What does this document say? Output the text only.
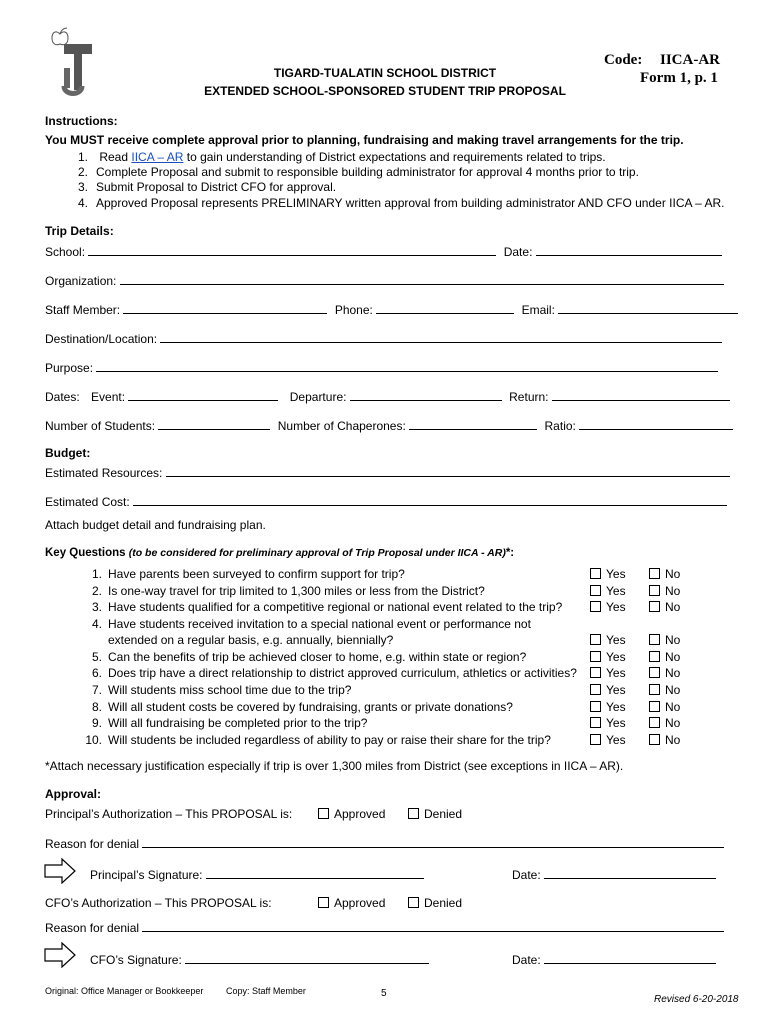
TIGARD-TUALATIN SCHOOL DISTRICT
EXTENDED SCHOOL-SPONSORED STUDENT TRIP PROPOSAL
Code: IICA-AR
Form 1, p. 1
Instructions:
You MUST receive complete approval prior to planning, fundraising and making travel arrangements for the trip.
1. Read IICA – AR to gain understanding of District expectations and requirements related to trips.
2. Complete Proposal and submit to responsible building administrator for approval 4 months prior to trip.
3. Submit Proposal to District CFO for approval.
4. Approved Proposal represents PRELIMINARY written approval from building administrator AND CFO under IICA – AR.
Trip Details:
School:	Date:
Organization:
Staff Member:	Phone:	Email:
Destination/Location:
Purpose:
Dates: Event:	Departure:	Return:
Number of Students:	Number of Chaperones:	Ratio:
Budget:
Estimated Resources:
Estimated Cost:
Attach budget detail and fundraising plan.
Key Questions (to be considered for preliminary approval of Trip Proposal under IICA - AR)*:
1. Have parents been surveyed to confirm support for trip?	Yes	No
2. Is one-way travel for trip limited to 1,300 miles or less from the District?	Yes	No
3. Have students qualified for a competitive regional or national event related to the trip?	Yes	No
4. Have students received invitation to a special national event or performance not
extended on a regular basis, e.g. annually, biennially?	Yes	No
5. Can the benefits of trip be achieved closer to home, e.g. within state or region?	Yes	No
6. Does trip have a direct relationship to district approved curriculum, athletics or activities?	Yes	No
7. Will students miss school time due to the trip?	Yes	No
8. Will all student costs be covered by fundraising, grants or private donations?	Yes	No
9. Will all fundraising be completed prior to the trip?	Yes	No
10. Will students be included regardless of ability to pay or raise their share for the trip?	Yes	No
*Attach necessary justification especially if trip is over 1,300 miles from District (see exceptions in IICA – AR).
Approval:
Principal’s Authorization – This PROPOSAL is:	Approved	Denied
Reason for denial
Principal’s Signature:	Date:
CFO’s Authorization – This PROPOSAL is:	Approved	Denied
Reason for denial
CFO’s Signature:	Date:
Original: Office Manager or Bookkeeper	Copy: Staff Member	5
Revised 6-20-2018
